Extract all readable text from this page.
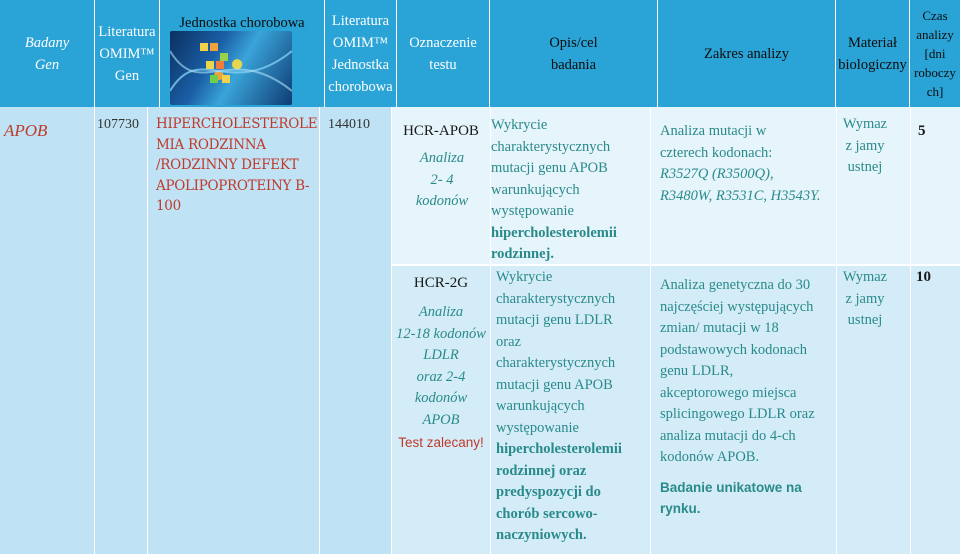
Badany Gen
Literatura
OMIM™
Gen
Jednostka chorobowa Literatura
OMIM™
Jednostka
chorobowa
Oznaczenie
testu
Opis/cel
badania
Zakres analizy
Materiał
biologiczny
Czas
analizy
[dni
roboczy
ch]
APOB	107730 HIPERCHOLESTEROLE
MIA RODZINNA
/RODZINNY DEFEKT
APOLIPOPROTEINY B-
100
144010	HCR-APOB
Analiza
2- 4
kodonów
Wykrycie
charakterystycznych
mutacji genu APOB
warunkujących
występowanie
hipercholesterolemii
rodzinnej.
Analiza mutacji w
czterech kodonach:
R3527Q (R3500Q),
R3480W, R3531C, H3543Y.
Wymaz
z jamy
ustnej
5
HCR-2G
Analiza
12-18 kodonów
LDLR
oraz 2-4
kodonów
APOB
Test zalecany!
Wykrycie
charakterystycznych
mutacji genu LDLR
oraz
charakterystycznych
mutacji genu APOB
warunkujących
występowanie
hipercholesterolemii
rodzinnej oraz
predyspozycji do
chorób sercowo-
naczyniowych.
Analiza genetyczna do 30
najczęściej występujących
zmian/ mutacji w 18
podstawowych kodonach
genu LDLR,
akceptorowego miejsca
splicingowego LDLR oraz
analiza mutacji do 4-ch
kodonów APOB.
Badanie unikatowe na
rynku.
Wymaz
z jamy
ustnej
10
